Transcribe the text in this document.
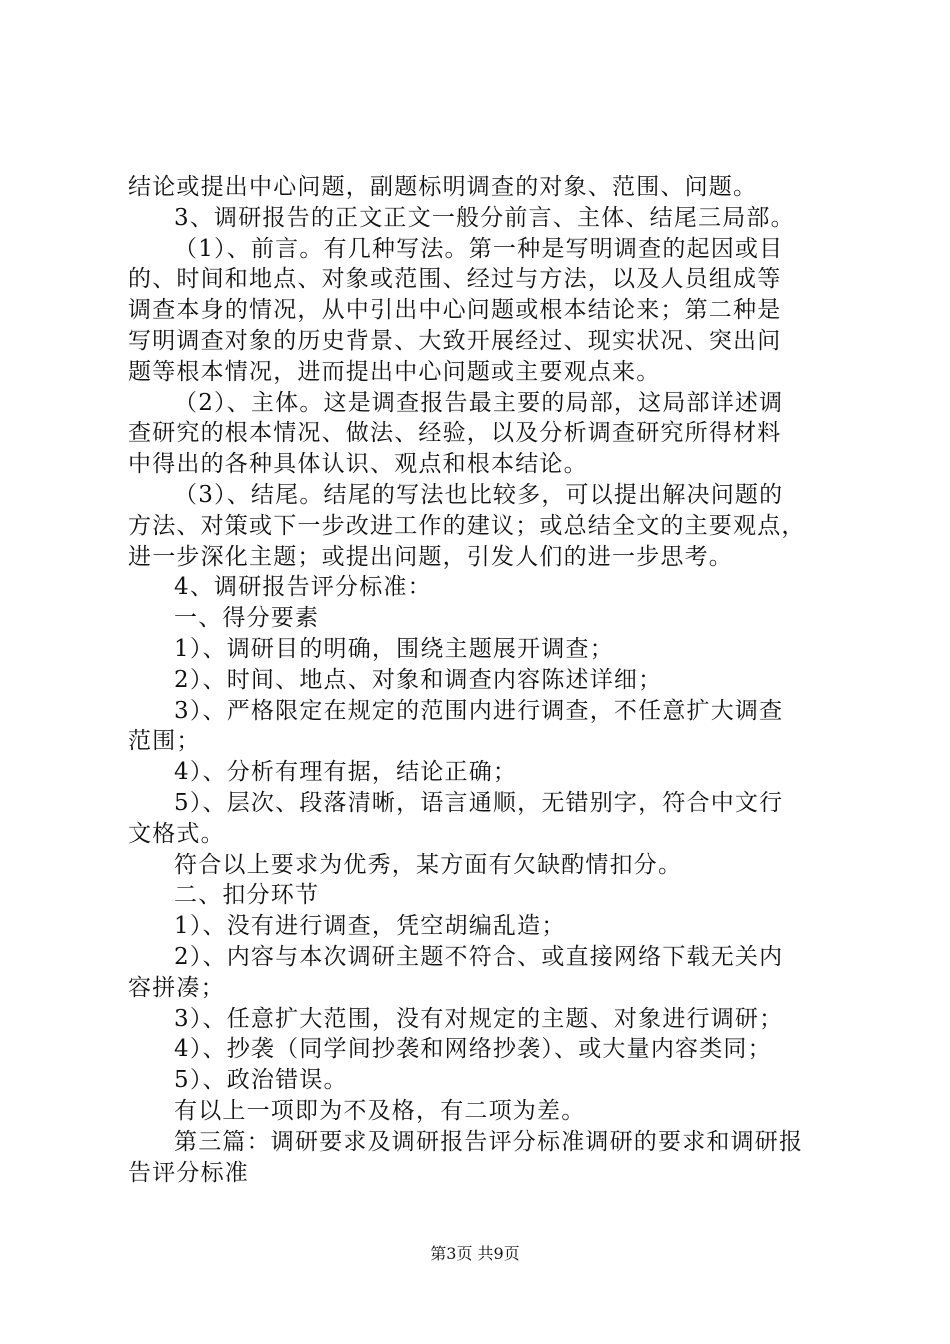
结论或提出中心问题，副题标明调查的对象、范围、问题。
3、调研报告的正文正文一般分前言、主体、结尾三局部。
（1）、前言。有几种写法。第一种是写明调查的起因或目
的、时间和地点、对象或范围、经过与方法，以及人员组成等
调查本身的情况，从中引出中心问题或根本结论来；第二种是
写明调查对象的历史背景、大致开展经过、现实状况、突出问
题等根本情况，进而提出中心问题或主要观点来。
（2）、主体。这是调查报告最主要的局部，这局部详述调
查研究的根本情况、做法、经验，以及分析调查研究所得材料
中得出的各种具体认识、观点和根本结论。
（3）、结尾。结尾的写法也比较多，可以提出解决问题的
方法、对策或下一步改进工作的建议；或总结全文的主要观点，
进一步深化主题；或提出问题，引发人们的进一步思考。
4、调研报告评分标准：
一、得分要素
1）、调研目的明确，围绕主题展开调查；
2）、时间、地点、对象和调查内容陈述详细；
3）、严格限定在规定的范围内进行调查，不任意扩大调查
范围；
4）、分析有理有据，结论正确；
5）、层次、段落清晰，语言通顺，无错别字，符合中文行
文格式。
符合以上要求为优秀，某方面有欠缺酌情扣分。
二、扣分环节
1）、没有进行调查，凭空胡编乱造；
2）、内容与本次调研主题不符合、或直接网络下载无关内
容拼凑；
3）、任意扩大范围，没有对规定的主题、对象进行调研；
4）、抄袭（同学间抄袭和网络抄袭）、或大量内容类同；
5）、政治错误。
有以上一项即为不及格，有二项为差。
第三篇：调研要求及调研报告评分标准调研的要求和调研报
告评分标准
第3页 共9页
